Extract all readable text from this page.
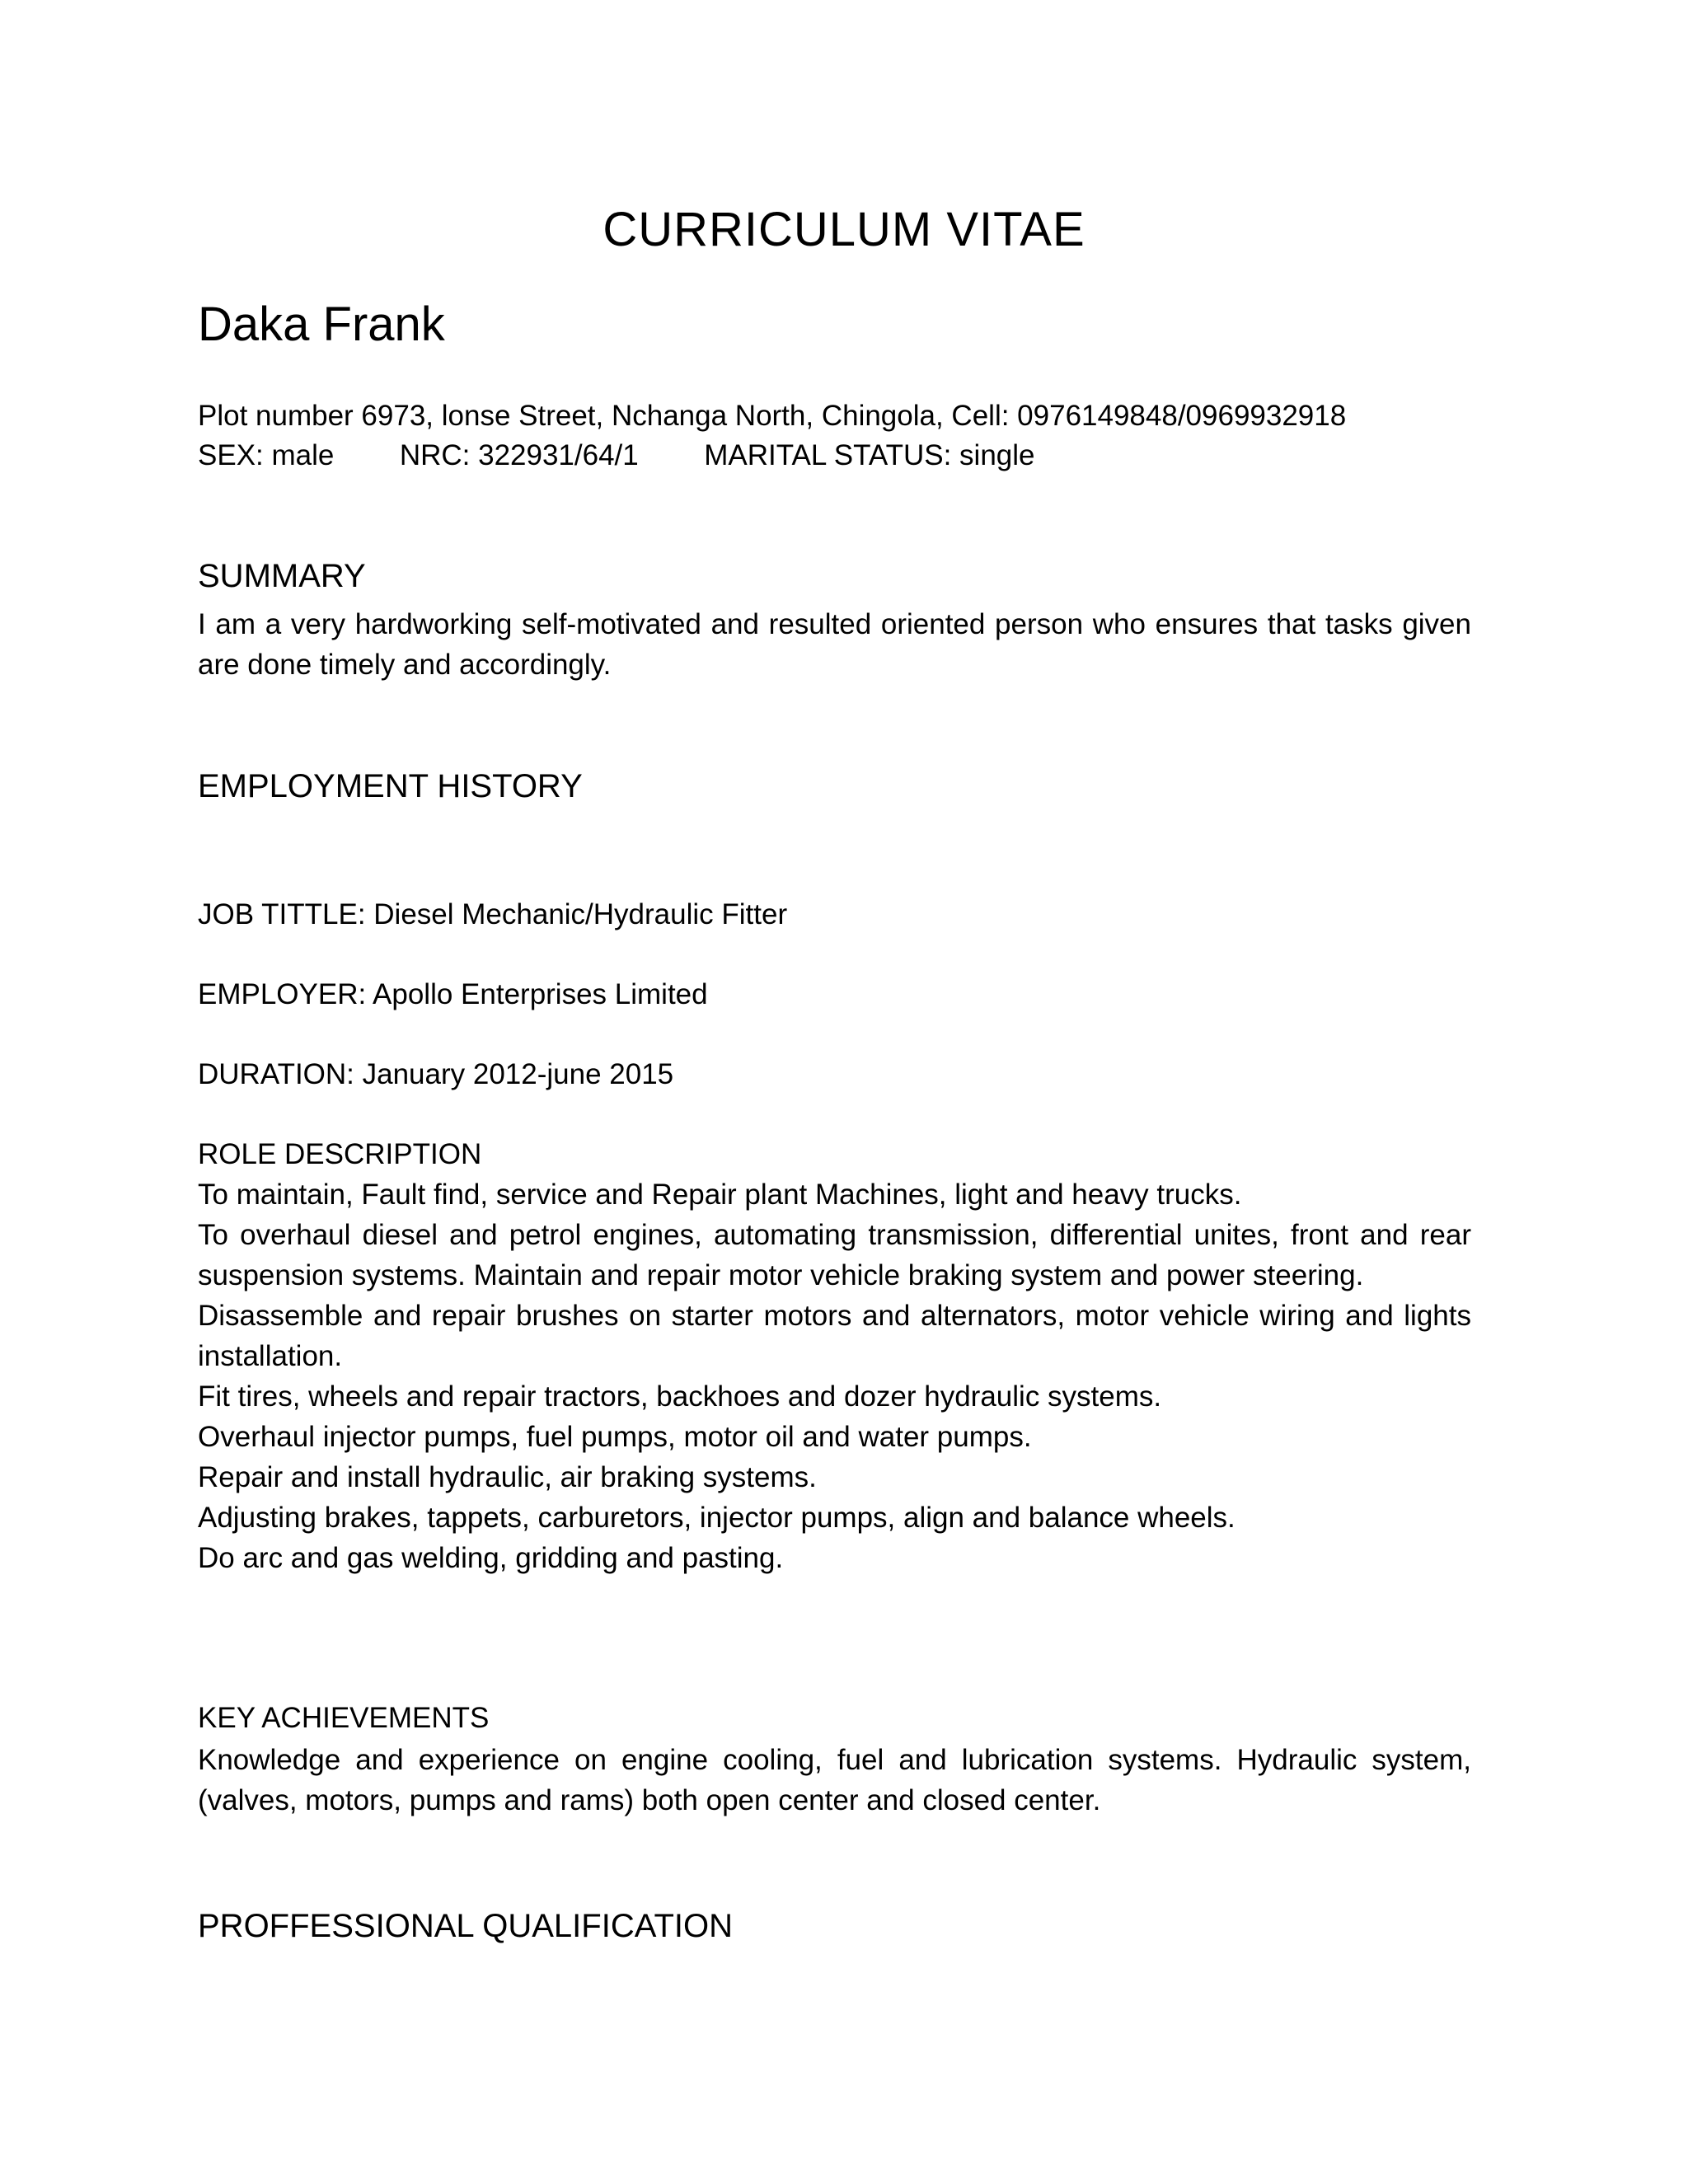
CURRICULUM VITAE
Daka Frank
Plot number 6973, lonse Street, Nchanga North, Chingola, Cell: 0976149848/0969932918
SEX: male NRC: 322931/64/1 MARITAL STATUS: single
SUMMARY

I am a very hardworking self-motivated and resulted oriented person who ensures that tasks given are done timely and accordingly.

EMPLOYMENT HISTORY
JOB TITTLE: Diesel Mechanic/Hydraulic Fitter
EMPLOYER: Apollo Enterprises Limited
DURATION: January 2012-june 2015
ROLE DESCRIPTION
To maintain, Fault find, service and Repair plant Machines, light and heavy trucks.
To overhaul diesel and petrol engines, automating transmission, differential unites, front and rear suspension systems. Maintain and repair motor vehicle braking system and power steering.
Disassemble and repair brushes on starter motors and alternators, motor vehicle wiring and lights installation.
Fit tires, wheels and repair tractors, backhoes and dozer hydraulic systems.
Overhaul injector pumps, fuel pumps, motor oil and water pumps.
Repair and install hydraulic, air braking systems.
Adjusting brakes, tappets, carburetors, injector pumps, align and balance wheels.
Do arc and gas welding, gridding and pasting.
KEY ACHIEVEMENTS

Knowledge and experience on engine cooling, fuel and lubrication systems. Hydraulic system,(valves, motors, pumps and rams) both open center and closed center.

PROFFESSIONAL QUALIFICATION
